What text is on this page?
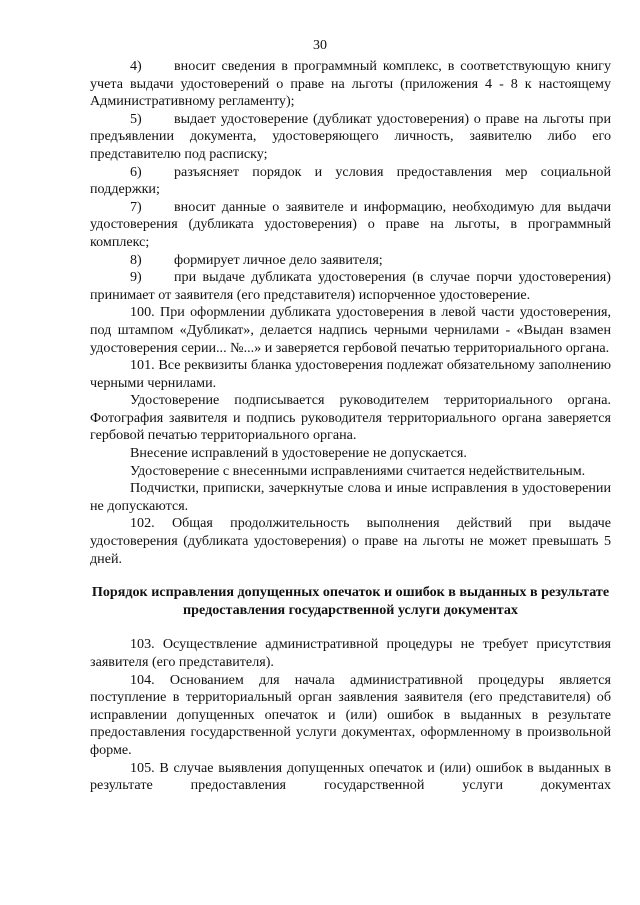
30

4) вносит сведения в программный комплекс, в соответствующую книгу учета выдачи удостоверений о праве на льготы (приложения 4 - 8 к настоящему Административному регламенту);

5) выдает удостоверение (дубликат удостоверения) о праве на льготы при предъявлении документа, удостоверяющего личность, заявителю либо его представителю под расписку;

6) разъясняет порядок и условия предоставления мер социальной поддержки;

7) вносит данные о заявителе и информацию, необходимую для выдачи удостоверения (дубликата удостоверения) о праве на льготы, в программный комплекс;

8) формирует личное дело заявителя;

9) при выдаче дубликата удостоверения (в случае порчи удостоверения) принимает от заявителя (его представителя) испорченное удостоверение.

100. При оформлении дубликата удостоверения в левой части удостоверения, под штампом «Дубликат», делается надпись черными чернилами - «Выдан взамен удостоверения серии... №...» и заверяется гербовой печатью территориального органа.

101. Все реквизиты бланка удостоверения подлежат обязательному заполнению черными чернилами.

Удостоверение подписывается руководителем территориального органа. Фотография заявителя и подпись руководителя территориального органа заверяется гербовой печатью территориального органа.

Внесение исправлений в удостоверение не допускается.

Удостоверение с внесенными исправлениями считается недействительным.

Подчистки, приписки, зачеркнутые слова и иные исправления в удостоверении не допускаются.

102. Общая продолжительность выполнения действий при выдаче удостоверения (дубликата удостоверения) о праве на льготы не может превышать 5 дней.

Порядок исправления допущенных опечаток и ошибок в выданных в результате предоставления государственной услуги документах

103. Осуществление административной процедуры не требует присутствия заявителя (его представителя).

104. Основанием для начала административной процедуры является поступление в территориальный орган заявления заявителя (его представителя) об исправлении допущенных опечаток и (или) ошибок в выданных в результате предоставления государственной услуги документах, оформленному в произвольной форме.

105. В случае выявления допущенных опечаток и (или) ошибок в выданных в результате предоставления государственной услуги документах
